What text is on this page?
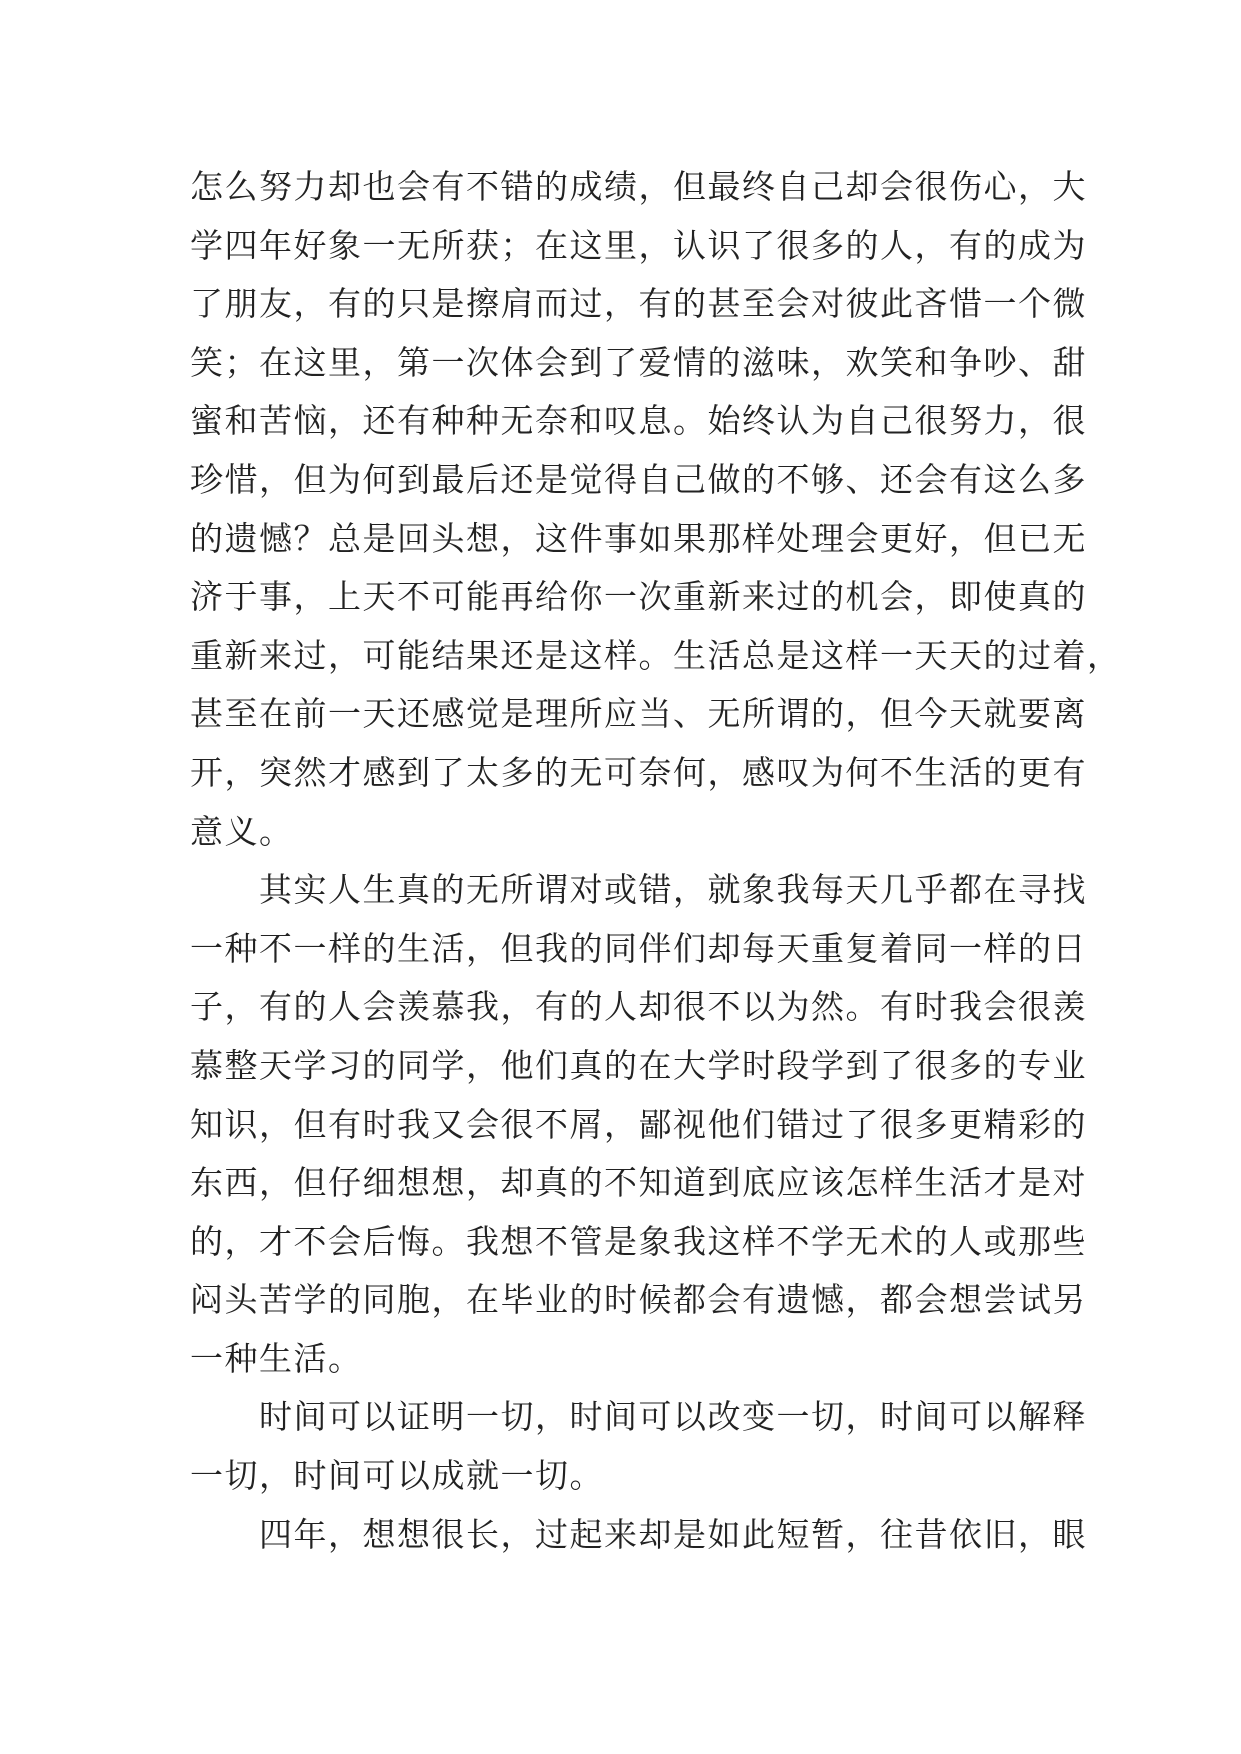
怎么努力却也会有不错的成绩，但最终自己却会很伤心，大
学四年好象一无所获；在这里，认识了很多的人，有的成为
了朋友，有的只是擦肩而过，有的甚至会对彼此吝惜一个微
笑；在这里，第一次体会到了爱情的滋味，欢笑和争吵、甜
蜜和苦恼，还有种种无奈和叹息。始终认为自己很努力，很
珍惜，但为何到最后还是觉得自己做的不够、还会有这么多
的遗憾？总是回头想，这件事如果那样处理会更好，但已无
济于事，上天不可能再给你一次重新来过的机会，即使真的
重新来过，可能结果还是这样。生活总是这样一天天的过着，
甚至在前一天还感觉是理所应当、无所谓的，但今天就要离
开，突然才感到了太多的无可奈何，感叹为何不生活的更有
意义。
　　其实人生真的无所谓对或错，就象我每天几乎都在寻找
一种不一样的生活，但我的同伴们却每天重复着同一样的日
子，有的人会羡慕我，有的人却很不以为然。有时我会很羡
慕整天学习的同学，他们真的在大学时段学到了很多的专业
知识，但有时我又会很不屑，鄙视他们错过了很多更精彩的
东西，但仔细想想，却真的不知道到底应该怎样生活才是对
的，才不会后悔。我想不管是象我这样不学无术的人或那些
闷头苦学的同胞，在毕业的时候都会有遗憾，都会想尝试另
一种生活。
　　时间可以证明一切，时间可以改变一切，时间可以解释
一切，时间可以成就一切。
　　四年，想想很长，过起来却是如此短暂，往昔依旧，眼
